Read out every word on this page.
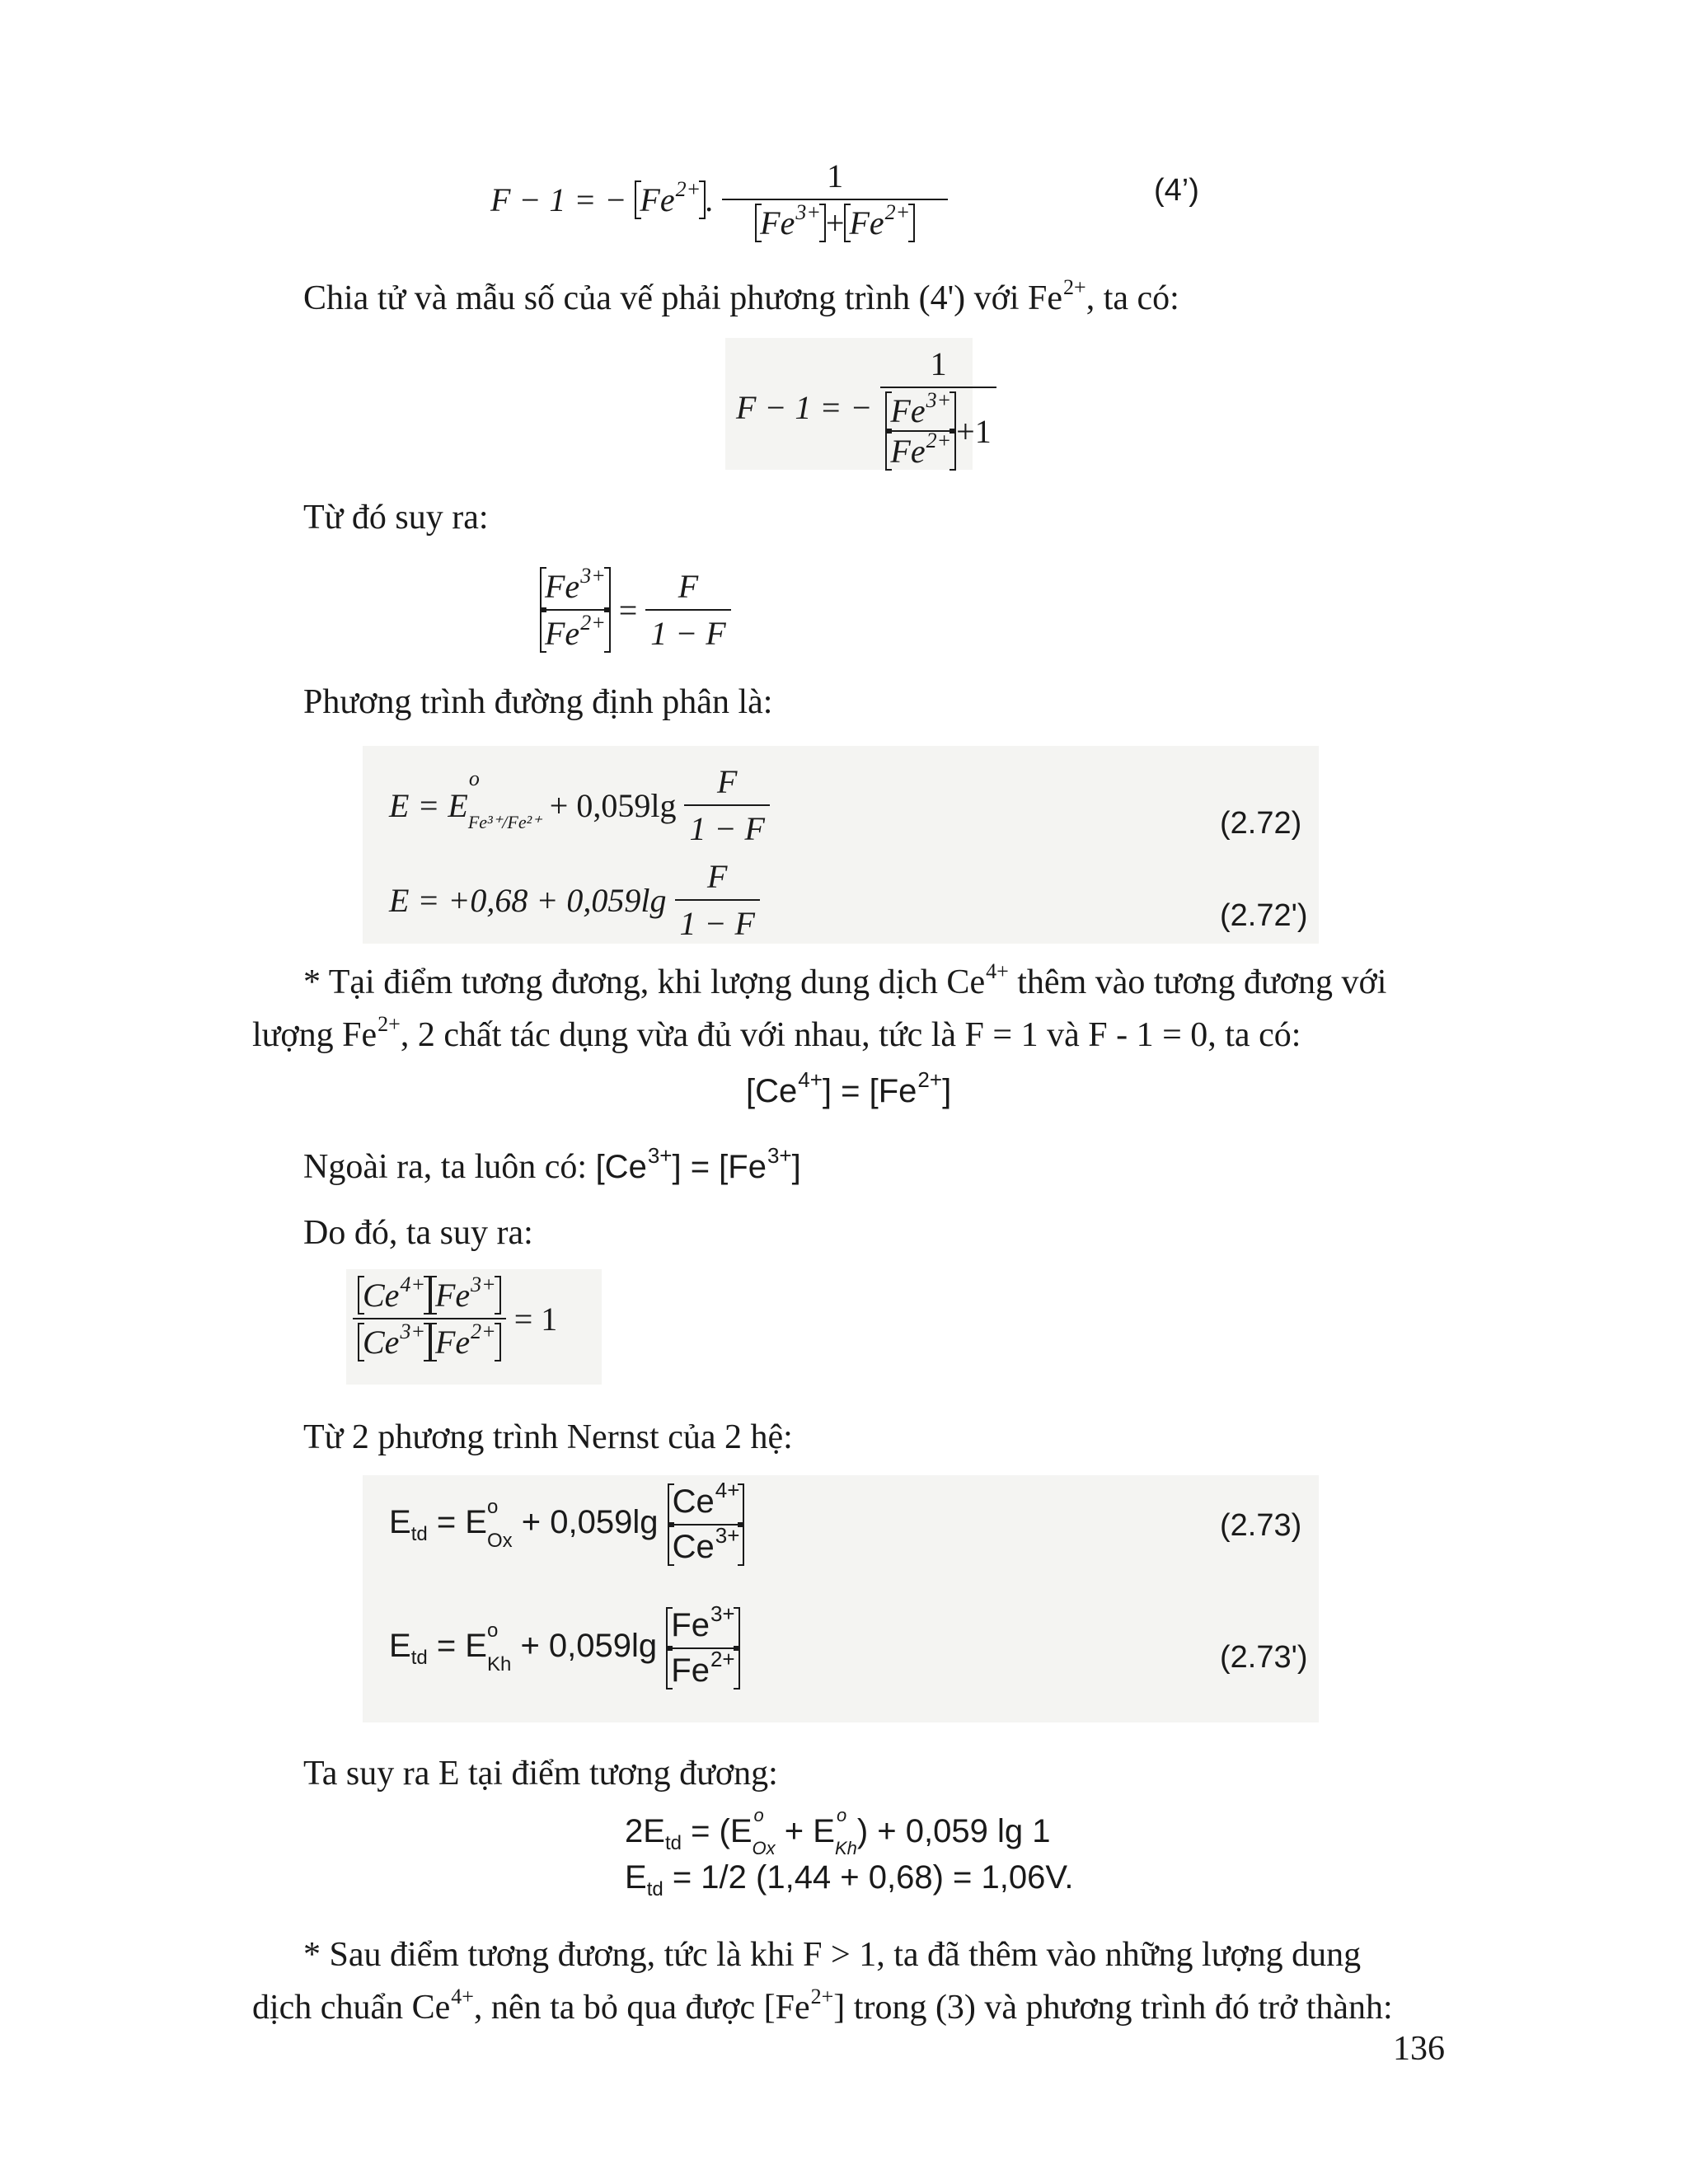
F − 1 = − $Fe^{2+}$ . $\frac{1}{Fe^{3+} + Fe^{2+}}$	(4’)
Chia tử và mẫu số của vế phải phương trình (4') với $Fe^{2+}$, ta có:
F − 1 = − $\frac{1}{\frac{Fe^{3+}}{Fe^{2+}} +1}$
Từ đó suy ra:
$\frac{Fe^{3+}}{Fe^{2+}} = \frac{F}{1 - F}$
Phương trình đường định phân là:
E = E
o
$_{Fe^{3+}/Fe^{2+}} + 0,059\lg \frac{F}{1 - F}$	(2.72)
$E = +0,68 + 0,059\lg \frac{F}{1 - F}$	(2.72')
* Tại điểm tương đương, khi lượng dung dịch $Ce^{4+}$ thêm vào tương đương với
lượng $Fe^{2+}$, 2 chất tác dụng vừa đủ với nhau, tức là F = 1 và F - 1 = 0, ta có:
$[Ce^{4+}] = [Fe^{2+}]$
Ngoài ra, ta luôn có: $[Ce^{3+}] = [Fe^{3+}]$
Do đó, ta suy ra:
$\frac{Ce^{4+} Fe^{3+}}{Ce^{3+} Fe^{2+}} = 1$
Từ 2 phương trình Nernst của 2 hệ:
$E_{td} = E$ o
$_{Ox} + 0,059\lg \frac{Ce^{4+}}{Ce^{3+}}$	(2.73)
$E_{td} = E$ o
$_{Kh} + 0,059\lg \frac{Fe^{3+}}{Fe^{2+}}$	(2.73')
Ta suy ra E tại điểm tương đương:
$2E_{td} = (E$ o
$_{Ox}$ + E o
$_{Kh}$) + 0,059 lg 1
$E_{td} = 1/2$ (1,44 + 0,68) = 1,06V.
* Sau điểm tương đương, tức là khi F > 1, ta đã thêm vào những lượng dung
dịch chuẩn $Ce^{4+}$, nên ta bỏ qua được $[Fe^{2+}]$ trong (3) và phương trình đó trở thành:
136
